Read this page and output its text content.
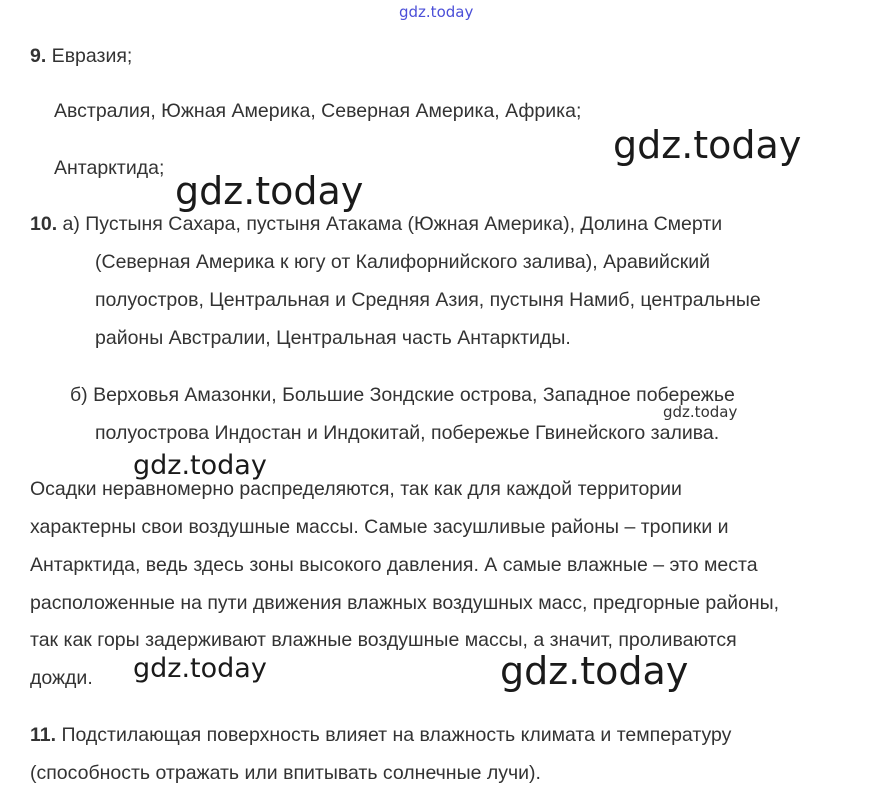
gdz.today
gdz.today
gdz.today
gdz.today
gdz.today
gdz.today	gdz.today
9. Евразия;
Австралия, Южная Америка, Северная Америка, Африка;
Антарктида;
10. а) Пустыня Сахара, пустыня Атакама (Южная Америка), Долина Смерти
(Северная Америка к югу от Калифорнийского залива), Аравийский
полуостров, Центральная и Средняя Азия, пустыня Намиб, центральные
районы Австралии, Центральная часть Антарктиды.
б) Верховья Амазонки, Большие Зондские острова, Западное побережье
полуострова Индостан и Индокитай, побережье Гвинейского залива.
Осадки неравномерно распределяются, так как для каждой территории
характерны свои воздушные массы. Самые засушливые районы – тропики и
Антарктида, ведь здесь зоны высокого давления. А самые влажные – это места
расположенные на пути движения влажных воздушных масс, предгорные районы,
так как горы задерживают влажные воздушные массы, а значит, проливаются
дожди.
11. Подстилающая поверхность влияет на влажность климата и температуру
(способность отражать или впитывать солнечные лучи).
